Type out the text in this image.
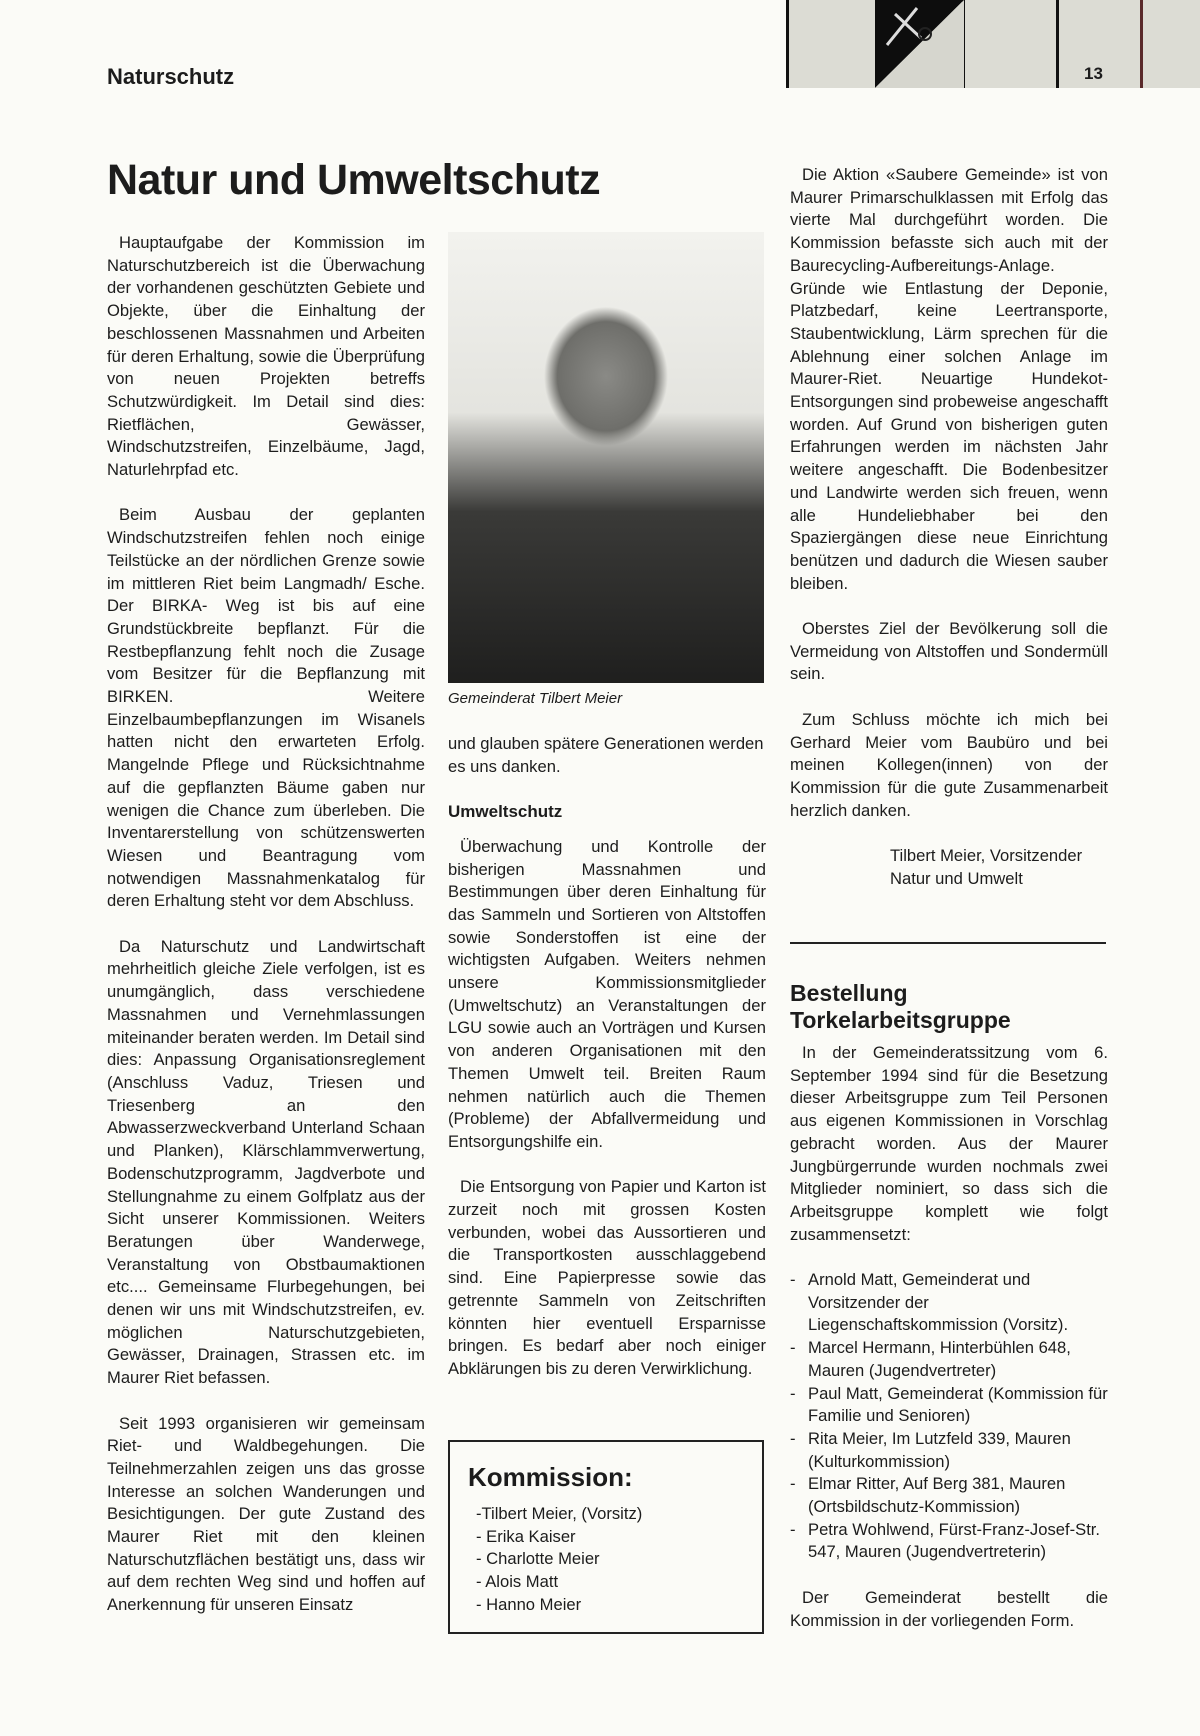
13
Naturschutz
Natur und Umweltschutz

Hauptaufgabe der Kommission im Naturschutzbereich ist die Überwachung der vorhandenen geschützten Gebiete und Objekte, über die Einhaltung der beschlossenen Massnahmen und Arbeiten für deren Erhaltung, sowie die Überprüfung von neuen Projekten betreffs Schutzwürdigkeit. Im Detail sind dies: Rietflächen, Gewässer, Windschutzstreifen, Einzelbäume, Jagd, Naturlehrpfad etc.

Beim Ausbau der geplanten Windschutzstreifen fehlen noch einige Teilstücke an der nördlichen Grenze sowie im mittleren Riet beim Langmadh/ Esche. Der BIRKA- Weg ist bis auf eine Grundstückbreite bepflanzt. Für die Restbepflanzung fehlt noch die Zusage vom Besitzer für die Bepflanzung mit BIRKEN. Weitere Einzelbaumbepflanzungen im Wisanels hatten nicht den erwarteten Erfolg. Mangelnde Pflege und Rücksichtnahme auf die gepflanzten Bäume gaben nur wenigen die Chance zum überleben. Die Inventarerstellung von schützenswerten Wiesen und Beantragung vom notwendigen Massnahmenkatalog für deren Erhaltung steht vor dem Abschluss.

Da Naturschutz und Landwirtschaft mehrheitlich gleiche Ziele verfolgen, ist es unumgänglich, dass verschiedene Massnahmen und Vernehmlassungen miteinander beraten werden. Im Detail sind dies: Anpassung Organisationsreglement (Anschluss Vaduz, Triesen und Triesenberg an den Abwasserzweckverband Unterland Schaan und Planken), Klärschlammverwertung, Bodenschutzprogramm, Jagdverbote und Stellungnahme zu einem Golfplatz aus der Sicht unserer Kommissionen. Weiters Beratungen über Wanderwege, Veranstaltung von Obstbaumaktionen etc.... Gemeinsame Flurbegehungen, bei denen wir uns mit Windschutzstreifen, ev. möglichen Naturschutzgebieten, Gewässer, Drainagen, Strassen etc. im Maurer Riet befassen.

Seit 1993 organisieren wir gemeinsam Riet- und Waldbegehungen. Die Teilnehmerzahlen zeigen uns das grosse Interesse an solchen Wanderungen und Besichtigungen. Der gute Zustand des Maurer Riet mit den kleinen Naturschutzflächen bestätigt uns, dass wir auf dem rechten Weg sind und hoffen auf Anerkennung für unseren Einsatz

Gemeinderat Tilbert Meier

und glauben spätere Generationen werden es uns danken.

Umweltschutz

Überwachung und Kontrolle der bisherigen Massnahmen und Bestimmungen über deren Einhaltung für das Sammeln und Sortieren von Altstoffen sowie Sonderstoffen ist eine der wichtigsten Aufgaben. Weiters nehmen unsere Kommissionsmitglieder (Umweltschutz) an Veranstaltungen der LGU sowie auch an Vorträgen und Kursen von anderen Organisationen mit den Themen Umwelt teil. Breiten Raum nehmen natürlich auch die Themen (Probleme) der Abfallvermeidung und Entsorgungshilfe ein.

Die Entsorgung von Papier und Karton ist zurzeit noch mit grossen Kosten verbunden, wobei das Aussortieren und die Transportkosten ausschlaggebend sind. Eine Papierpresse sowie das getrennte Sammeln von Zeitschriften könnten hier eventuell Ersparnisse bringen. Es bedarf aber noch einiger Abklärungen bis zu deren Verwirklichung.

Kommission:
-Tilbert Meier, (Vorsitz)
- Erika Kaiser
- Charlotte Meier
- Alois Matt
- Hanno Meier

Die Aktion «Saubere Gemeinde» ist von Maurer Primarschulklassen mit Erfolg das vierte Mal durchgeführt worden. Die Kommission befasste sich auch mit der Baurecycling-Aufbereitungs-Anlage. Gründe wie Entlastung der Deponie, Platzbedarf, keine Leertransporte, Staubentwicklung, Lärm sprechen für die Ablehnung einer solchen Anlage im Maurer-Riet. Neuartige Hundekot-Entsorgungen sind probeweise angeschafft worden. Auf Grund von bisherigen guten Erfahrungen werden im nächsten Jahr weitere angeschafft. Die Bodenbesitzer und Landwirte werden sich freuen, wenn alle Hundeliebhaber bei den Spaziergängen diese neue Einrichtung benützen und dadurch die Wiesen sauber bleiben.

Oberstes Ziel der Bevölkerung soll die Vermeidung von Altstoffen und Sondermüll sein.

Zum Schluss möchte ich mich bei Gerhard Meier vom Baubüro und bei meinen Kollegen(innen) von der Kommission für die gute Zusammenarbeit herzlich danken.

Tilbert Meier, Vorsitzender
Natur und Umwelt
Bestellung Torkelarbeitsgruppe

In der Gemeinderatssitzung vom 6. September 1994 sind für die Besetzung dieser Arbeitsgruppe zum Teil Personen aus eigenen Kommissionen in Vorschlag gebracht worden. Aus der Maurer Jungbürgerrunde wurden nochmals zwei Mitglieder nominiert, so dass sich die Arbeitsgruppe komplett wie folgt zusammensetzt:

- Arnold Matt, Gemeinderat und Vorsitzender der Liegenschaftskommission (Vorsitz).
- Marcel Hermann, Hinterbühlen 648, Mauren (Jugendvertreter)
- Paul Matt, Gemeinderat (Kommission für Familie und Senioren)
- Rita Meier, Im Lutzfeld 339, Mauren (Kulturkommission)
- Elmar Ritter, Auf Berg 381, Mauren (Ortsbildschutz-Kommission)
- Petra Wohlwend, Fürst-Franz-Josef-Str. 547, Mauren (Jugendvertreterin)

Der Gemeinderat bestellt die Kommission in der vorliegenden Form.
